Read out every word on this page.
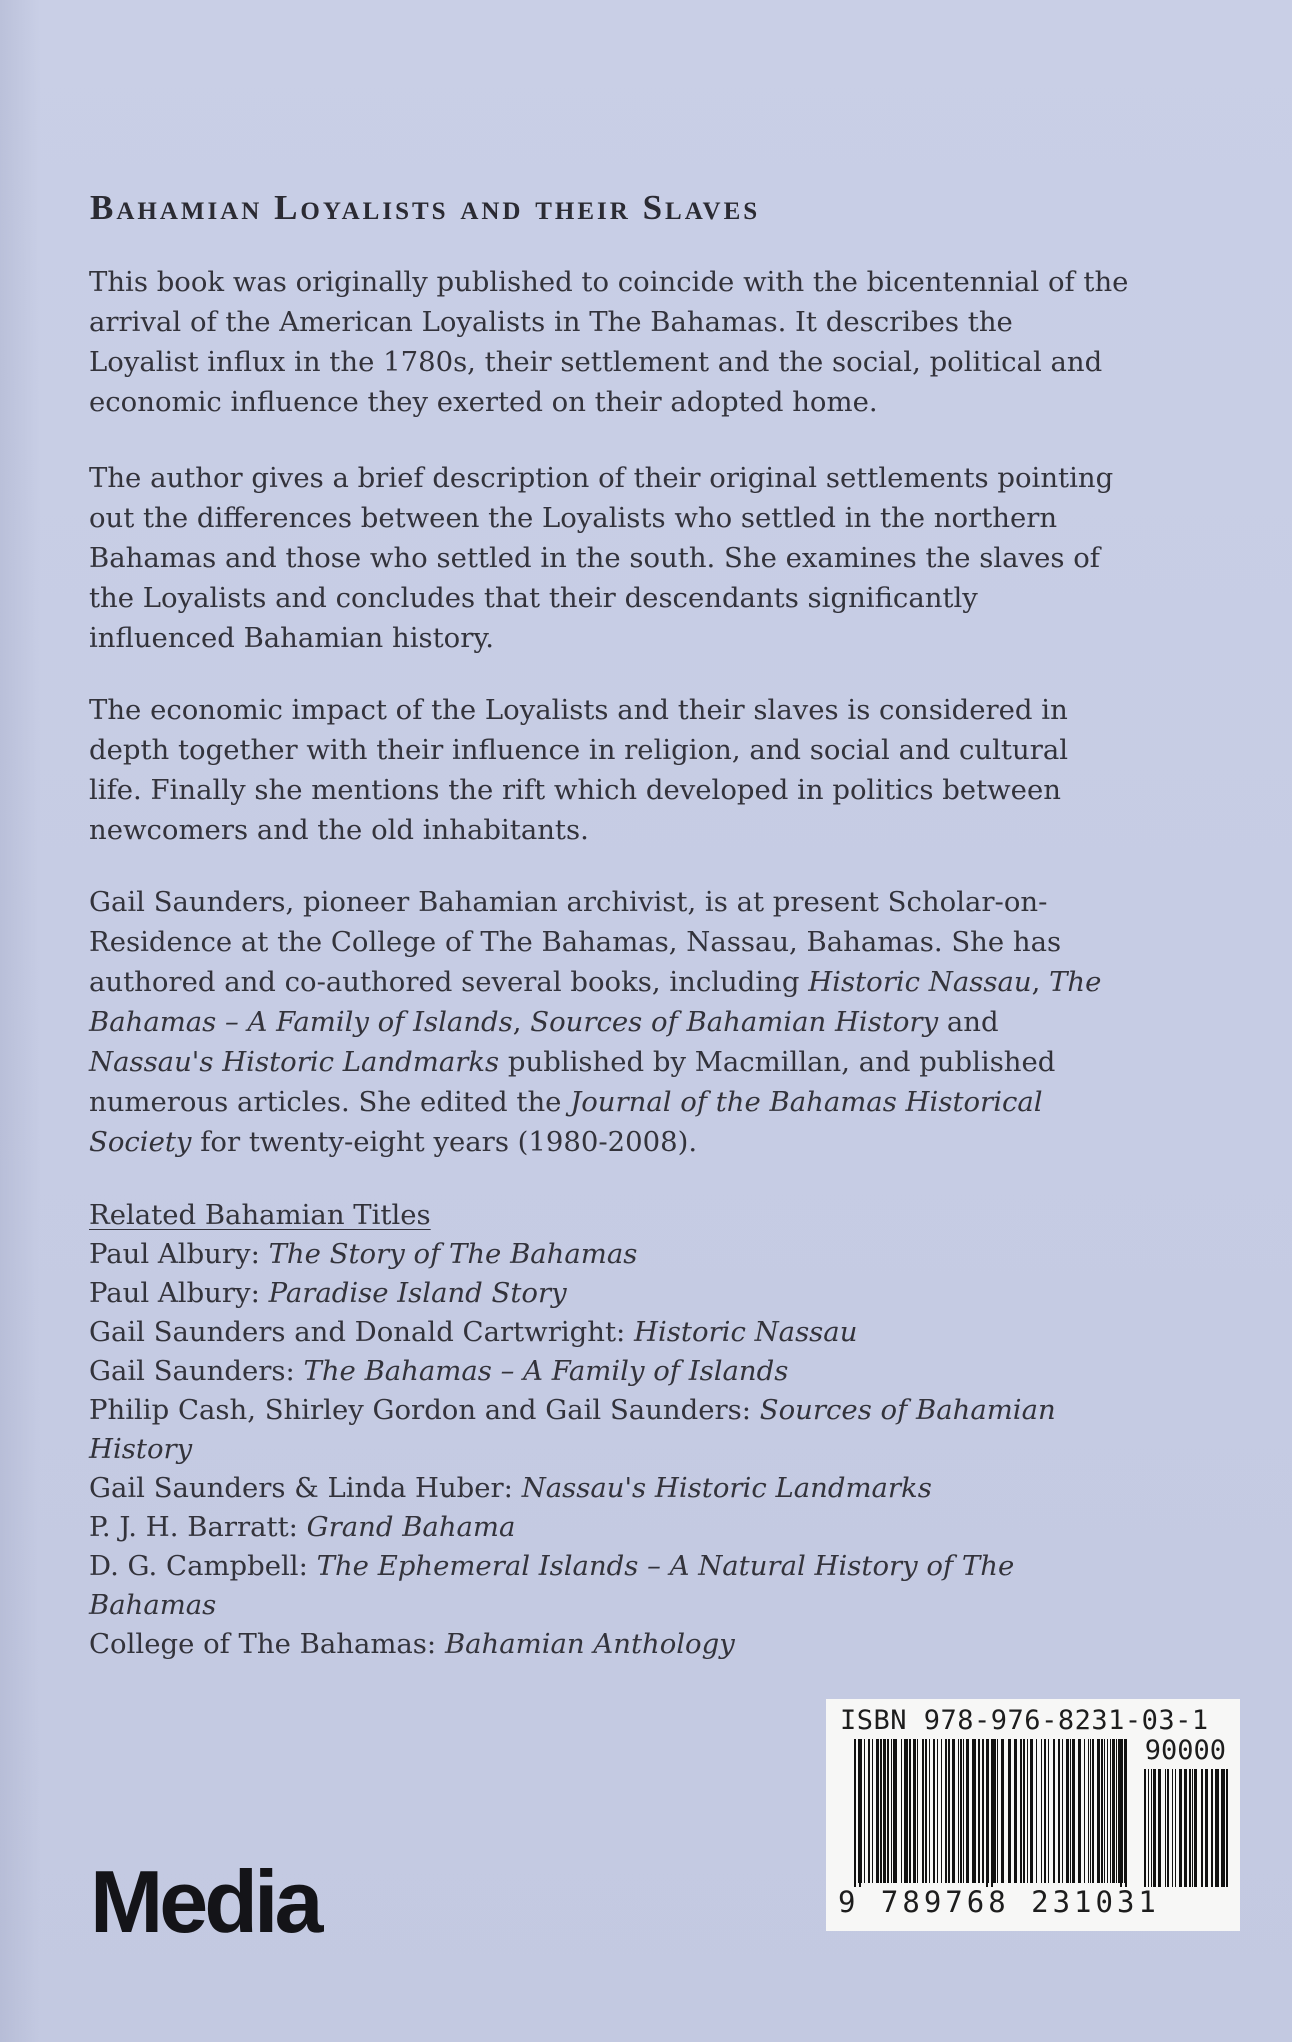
Bahamian Loyalists and their Slaves

This book was originally published to coincide with the bicentennial of the arrival of the American Loyalists in The Bahamas. It describes the Loyalist influx in the 1780s, their settlement and the social, political and economic influence they exerted on their adopted home.

The author gives a brief description of their original settlements pointing out the differences between the Loyalists who settled in the northern Bahamas and those who settled in the south. She examines the slaves of the Loyalists and concludes that their descendants significantly influenced Bahamian history.

The economic impact of the Loyalists and their slaves is considered in depth together with their influence in religion, and social and cultural life. Finally she mentions the rift which developed in politics between newcomers and the old inhabitants.

Gail Saunders, pioneer Bahamian archivist, is at present Scholar-on-Residence at the College of The Bahamas, Nassau, Bahamas. She has authored and co-authored several books, including Historic Nassau, The Bahamas – A Family of Islands, Sources of Bahamian History and Nassau's Historic Landmarks published by Macmillan, and published numerous articles. She edited the Journal of the Bahamas Historical Society for twenty-eight years (1980-2008).

Related Bahamian Titles
Paul Albury: The Story of The Bahamas
Paul Albury: Paradise Island Story
Gail Saunders and Donald Cartwright: Historic Nassau
Gail Saunders: The Bahamas – A Family of Islands
Philip Cash, Shirley Gordon and Gail Saunders: Sources of Bahamian History
Gail Saunders & Linda Huber: Nassau's Historic Landmarks
P. J. H. Barratt: Grand Bahama
D. G. Campbell: The Ephemeral Islands – A Natural History of The Bahamas
College of The Bahamas: Bahamian Anthology
Media
ISBN 978-976-8231-03-1
90000
9 789768 231031
